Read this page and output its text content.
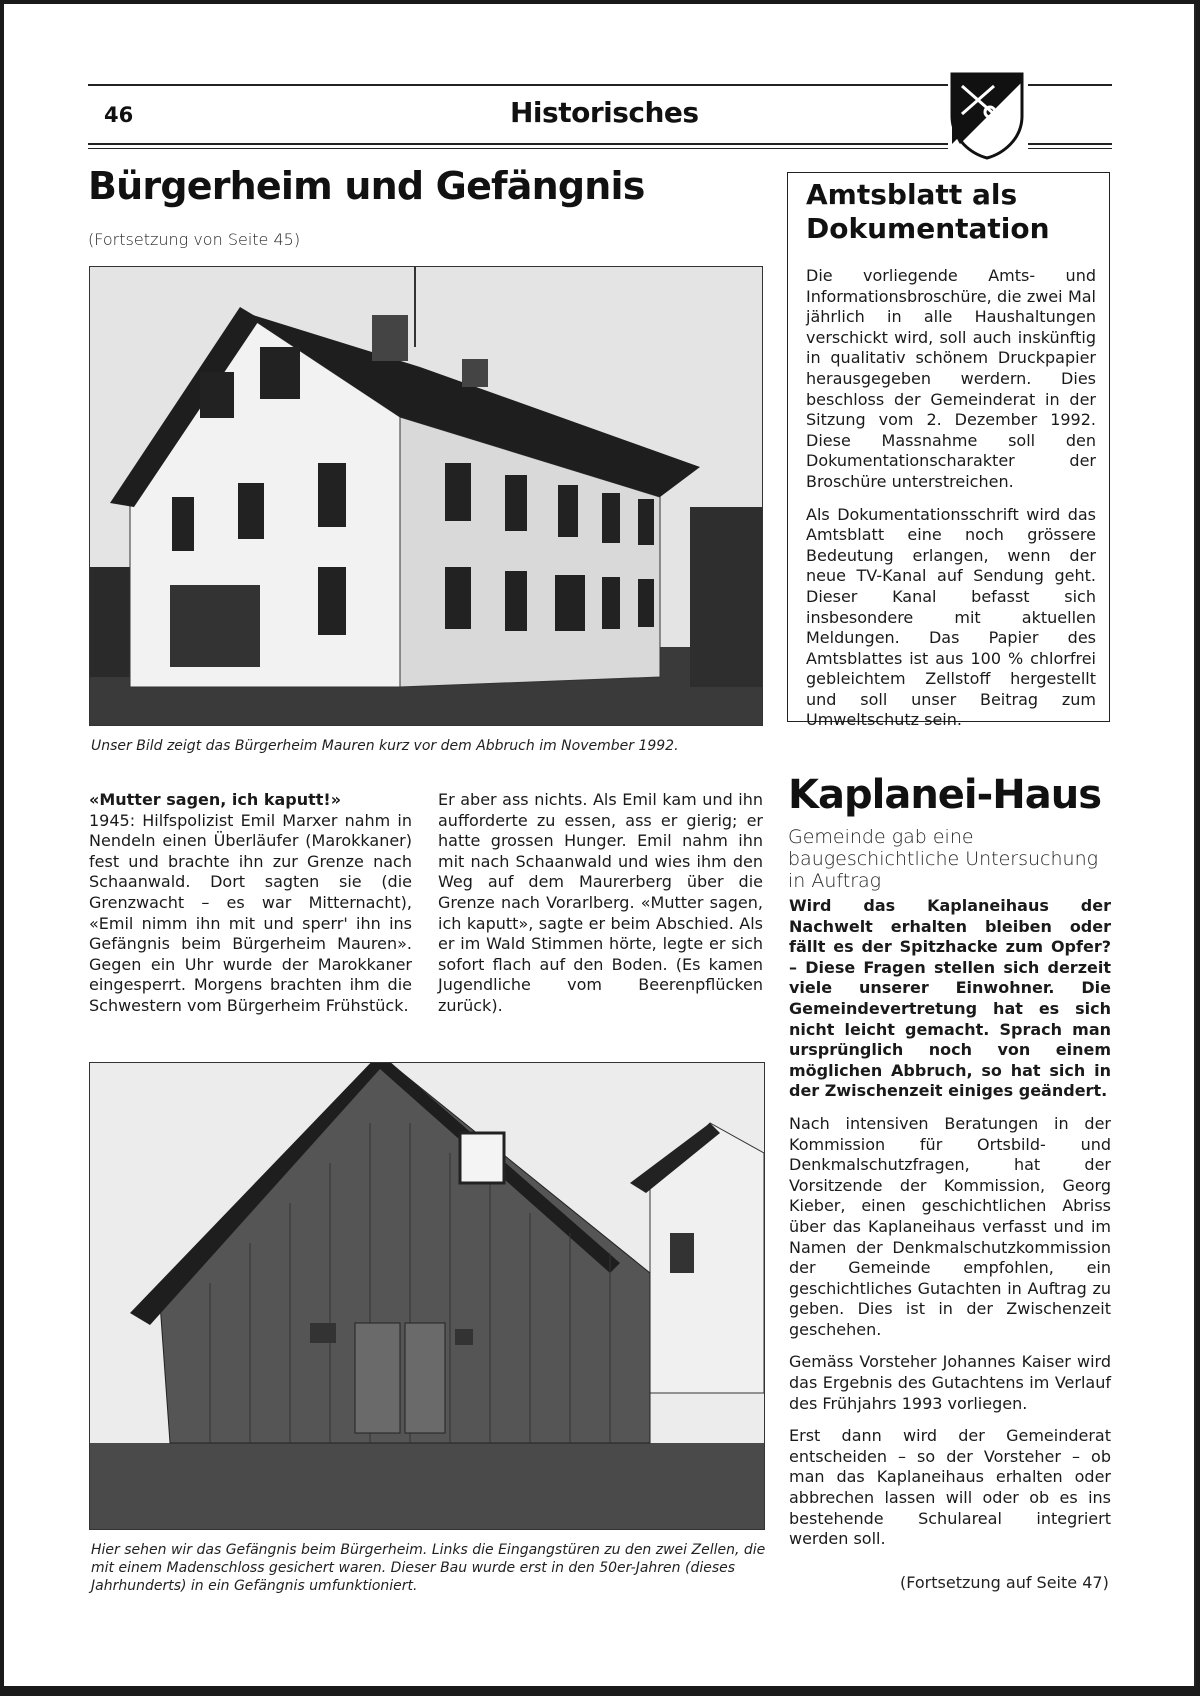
46	Historisches
Bürgerheim und Gefängnis
(Fortsetzung von Seite 45)
Unser Bild zeigt das Bürgerheim Mauren kurz vor dem Abbruch im November 1992.
«Mutter sagen, ich kaputt!»
1945: Hilfspolizist Emil Marxer nahm in Nendeln einen Überläufer (Marokkaner) fest und brachte ihn zur Grenze nach Schaanwald. Dort sagten sie (die Grenzwacht – es war Mitternacht), «Emil nimm ihn mit und sperr' ihn ins Gefängnis beim Bürgerheim Mauren». Gegen ein Uhr wurde der Marokkaner eingesperrt. Morgens brachten ihm die Schwestern vom Bürgerheim Frühstück.
Er aber ass nichts. Als Emil kam und ihn aufforderte zu essen, ass er gierig; er hatte grossen Hunger. Emil nahm ihn mit nach Schaanwald und wies ihm den Weg auf dem Maurerberg über die Grenze nach Vorarlberg. «Mutter sagen, ich kaputt», sagte er beim Abschied. Als er im Wald Stimmen hörte, legte er sich sofort flach auf den Boden. (Es kamen Jugendliche vom Beerenpflücken zurück).
Hier sehen wir das Gefängnis beim Bürgerheim. Links die Eingangstüren zu den zwei Zellen, die mit einem Madenschloss gesichert waren. Dieser Bau wurde erst in den 50er-Jahren (dieses Jahrhunderts) in ein Gefängnis umfunktioniert.
Amtsblatt als Dokumentation

Die vorliegende Amts- und Informationsbroschüre, die zwei Mal jährlich in alle Haushaltungen verschickt wird, soll auch inskünftig in qualitativ schönem Druckpapier herausgegeben werdern. Dies beschloss der Gemeinderat in der Sitzung vom 2. Dezember 1992. Diese Massnahme soll den Dokumentationscharakter der Broschüre unterstreichen.

Als Dokumentationsschrift wird das Amtsblatt eine noch grössere Bedeutung erlangen, wenn der neue TV-Kanal auf Sendung geht. Dieser Kanal befasst sich insbesondere mit aktuellen Meldungen. Das Papier des Amtsblattes ist aus 100 % chlorfrei gebleichtem Zellstoff hergestellt und soll unser Beitrag zum Umweltschutz sein.

Kaplanei-Haus
Gemeinde gab eine baugeschichtliche Untersuchung in Auftrag

Wird das Kaplaneihaus der Nachwelt erhalten bleiben oder fällt es der Spitzhacke zum Opfer? – Diese Fragen stellen sich derzeit viele unserer Einwohner. Die Gemeindevertretung hat es sich nicht leicht gemacht. Sprach man ursprünglich noch von einem möglichen Abbruch, so hat sich in der Zwischenzeit einiges geändert.

Nach intensiven Beratungen in der Kommission für Ortsbild- und Denkmalschutzfragen, hat der Vorsitzende der Kommission, Georg Kieber, einen geschichtlichen Abriss über das Kaplaneihaus verfasst und im Namen der Denkmalschutzkommission der Gemeinde empfohlen, ein geschichtliches Gutachten in Auftrag zu geben. Dies ist in der Zwischenzeit geschehen.

Gemäss Vorsteher Johannes Kaiser wird das Ergebnis des Gutachtens im Verlauf des Frühjahrs 1993 vorliegen.

Erst dann wird der Gemeinderat entscheiden – so der Vorsteher – ob man das Kaplaneihaus erhalten oder abbrechen lassen will oder ob es ins bestehende Schulareal integriert werden soll.

(Fortsetzung auf Seite 47)
